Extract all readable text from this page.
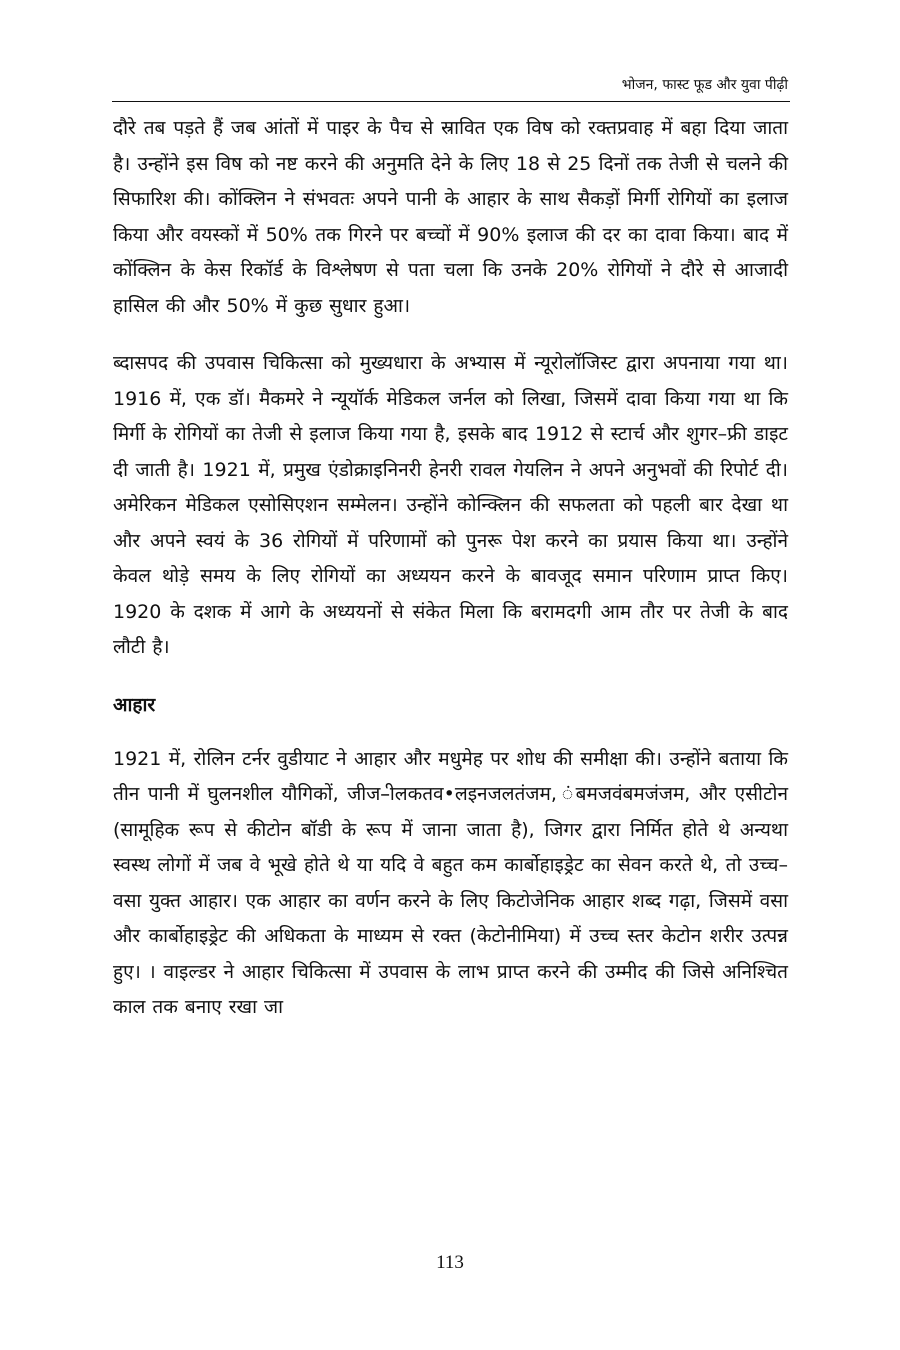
भोजन, फास्ट फूड और युवा पीढ़ी

दौरे तब पड़ते हैं जब आंतों में पाइर के पैच से स्रावित एक विष को रक्तप्रवाह में बहा दिया जाता है। उन्होंने इस विष को नष्ट करने की अनुमति देने के लिए 18 से 25 दिनों तक तेजी से चलने की सिफारिश की। कोंक्लिन ने संभवतः अपने पानी के आहार के साथ सैकड़ों मिर्गी रोगियों का इलाज किया और वयस्कों में 50% तक गिरने पर बच्चों में 90% इलाज की दर का दावा किया। बाद में कोंक्लिन के केस रिकॉर्ड के विश्लेषण से पता चला कि उनके 20% रोगियों ने दौरे से आजादी हासिल की और 50% में कुछ सुधार हुआ।

ब्दासपद की उपवास चिकित्सा को मुख्यधारा के अभ्यास में न्यूरोलॉजिस्ट द्वारा अपनाया गया था। 1916 में, एक डॉ। मैकमरे ने न्यूयॉर्क मेडिकल जर्नल को लिखा, जिसमें दावा किया गया था कि मिर्गी के रोगियों का तेजी से इलाज किया गया है, इसके बाद 1912 से स्टार्च और शुगर–फ्री डाइट दी जाती है। 1921 में, प्रमुख एंडोक्राइनिनरी हेनरी रावल गेयलिन ने अपने अनुभवों की रिपोर्ट दी। अमेरिकन मेडिकल एसोसिएशन सम्मेलन। उन्होंने कोन्क्लिन की सफलता को पहली बार देखा था और अपने स्वयं के 36 रोगियों में परिणामों को पुनरू पेश करने का प्रयास किया था। उन्होंने केवल थोड़े समय के लिए रोगियों का अध्ययन करने के बावजूद समान परिणाम प्राप्त किए। 1920 के दशक में आगे के अध्ययनों से संकेत मिला कि बरामदगी आम तौर पर तेजी के बाद लौटी है।

आहार

1921 में, रोलिन टर्नर वुडीयाट ने आहार और मधुमेह पर शोध की समीक्षा की। उन्होंने बताया कि तीन पानी में घुलनशील यौगिकों, जीज–ीलकतव•लइनजलतंजम, ंबमजवंबमजंजम, और एसीटोन (सामूहिक रूप से कीटोन बॉडी के रूप में जाना जाता है), जिगर द्वारा निर्मित होते थे अन्यथा स्वस्थ लोगों में जब वे भूखे होते थे या यदि वे बहुत कम कार्बोहाइड्रेट का सेवन करते थे, तो उच्च– वसा युक्त आहार। एक आहार का वर्णन करने के लिए किटोजेनिक आहार शब्द गढ़ा, जिसमें वसा और कार्बोहाइड्रेट की अधिकता के माध्यम से रक्त (केटोनीमिया) में उच्च स्तर केटोन शरीर उत्पन्न हुए। । वाइल्डर ने आहार चिकित्सा में उपवास के लाभ प्राप्त करने की उम्मीद की जिसे अनिश्चित काल तक बनाए रखा जा

113
